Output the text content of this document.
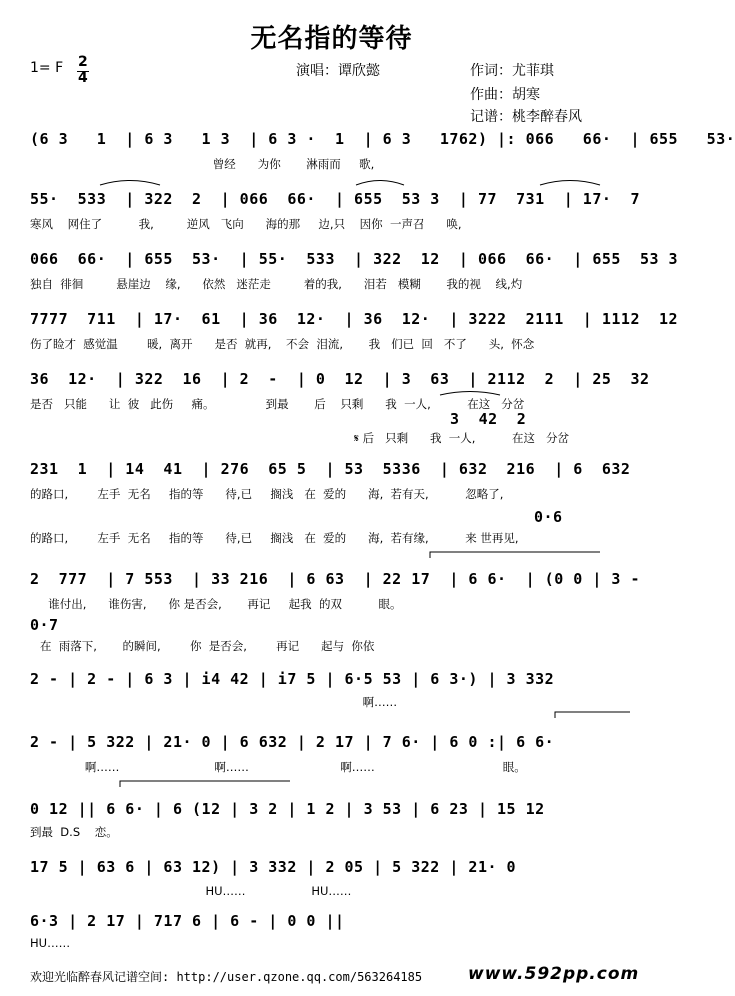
无名指的等待
1= F 2
4	演唱：谭欣懿	作词：尤菲琪
作曲：胡寒
记谱：桃李醉春风
(6 3   1  | 6 3   1 3  | 6 3 ·  1  | 6 3   1762) |: 066   66·  | 655   53·
曾经      为你       淋雨而     歌,
55·  533  | 322  2  | 066  66·  | 655  53 3  | 77  731  | 17·  7
寒风    网住了          我,         逆风   飞向      海的那     边,只    因你  一声召      唤,
066  66·  | 655  53·  | 55·  533  | 322  12  | 066  66·  | 655  53 3
独自  徘徊         悬崖边    缘,      依然   迷茫走         着的我,      泪若   模糊       我的视    线,灼
7777  711  | 17·  61  | 36  12·  | 36  12·  | 3222  2111  | 1112  12
伤了睑才  感觉温        暖,  离开      是否  就再,    不会  泪流,       我   们已  回   不了      头,  怀念
36  12·  | 322  16  | 2  -  | 0  12  | 3  63  | 2112  2  | 25  32
是否   只能      让  彼   此伤     痛。              到最       后    只剩      我  一人,          在这   分岔
3  42  2
𝄋 后   只剩      我  一人,          在这   分岔
231  1  | 14  41  | 276  65 5  | 53  5336  | 632  216  | 6  632
的路口,        左手  无名     指的等      待,已     搁浅   在  爱的      海,  若有天,          忽略了,
0·6
的路口,        左手  无名     指的等      待,已     搁浅   在  爱的      海,  若有缘,          来 世再见,
2  777  | 7 553  | 33 216  | 6 63  | 22 17  | 6 6·  | (0 0 | 3 -
谁付出,      谁伤害,      你 是否会,       再记     起我  的双          眼。
0·7
在  雨落下,       的瞬间,        你  是否会,        再记      起与  你依
2 - | 2 - | 6 3 | i4 42 | i7 5 | 6·5 53 | 6 3·) | 3 332
啊……
2 - | 5 322 | 21· 0 | 6 632 | 2 17 | 7 6· | 6 0 :| 6 6·
啊……                          啊……                         啊……                                   眼。
0 12 || 6 6· | 6 (12 | 3 2 | 1 2 | 3 53 | 6 23 | 15 12
到最  D.S    恋。
17 5 | 63 6 | 63 12) | 3 332 | 2 05 | 5 322 | 21· 0
HU……                  HU……
6·3 | 2 17 | 717 6 | 6 - | 0 0 ||
HU……
欢迎光临醉春风记谱空间: http://user.qzone.qq.com/563264185	www.592pp.com
